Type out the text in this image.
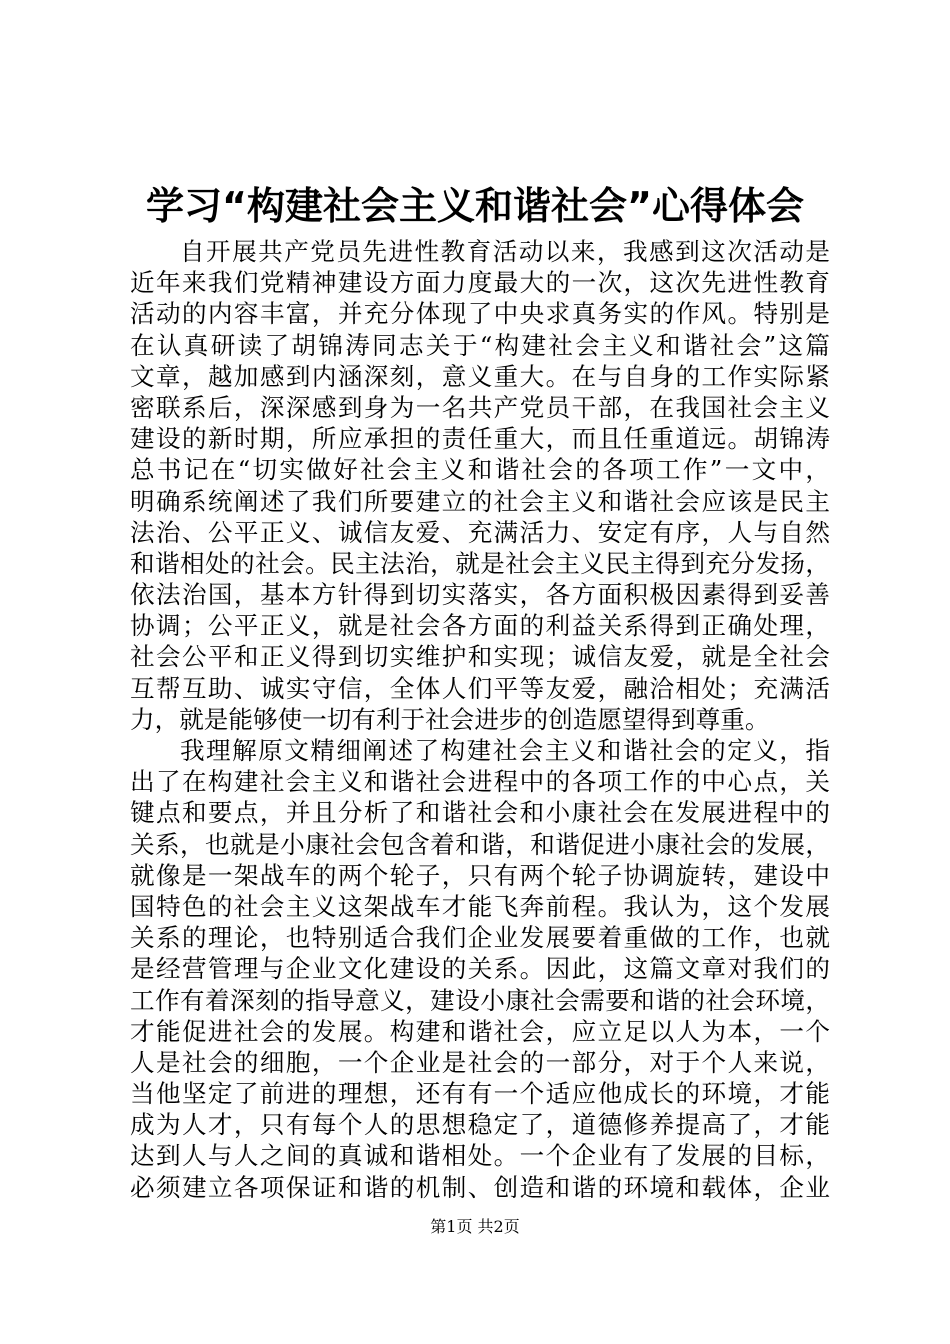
学习“构建社会主义和谐社会”心得体会
自开展共产党员先进性教育活动以来，我感到这次活动是
近年来我们党精神建设方面力度最大的一次，这次先进性教育
活动的内容丰富，并充分体现了中央求真务实的作风。特别是
在认真研读了胡锦涛同志关于“构建社会主义和谐社会”这篇
文章，越加感到内涵深刻，意义重大。在与自身的工作实际紧
密联系后，深深感到身为一名共产党员干部，在我国社会主义
建设的新时期，所应承担的责任重大，而且任重道远。胡锦涛
总书记在“切实做好社会主义和谐社会的各项工作”一文中，
明确系统阐述了我们所要建立的社会主义和谐社会应该是民主
法治、公平正义、诚信友爱、充满活力、安定有序，人与自然
和谐相处的社会。民主法治，就是社会主义民主得到充分发扬，
依法治国，基本方针得到切实落实，各方面积极因素得到妥善
协调；公平正义，就是社会各方面的利益关系得到正确处理，
社会公平和正义得到切实维护和实现；诚信友爱，就是全社会
互帮互助、诚实守信，全体人们平等友爱，融洽相处；充满活
力，就是能够使一切有利于社会进步的创造愿望得到尊重。
我理解原文精细阐述了构建社会主义和谐社会的定义，指
出了在构建社会主义和谐社会进程中的各项工作的中心点，关
键点和要点，并且分析了和谐社会和小康社会在发展进程中的
关系，也就是小康社会包含着和谐，和谐促进小康社会的发展，
就像是一架战车的两个轮子，只有两个轮子协调旋转，建设中
国特色的社会主义这架战车才能飞奔前程。我认为，这个发展
关系的理论，也特别适合我们企业发展要着重做的工作，也就
是经营管理与企业文化建设的关系。因此，这篇文章对我们的
工作有着深刻的指导意义，建设小康社会需要和谐的社会环境，
才能促进社会的发展。构建和谐社会，应立足以人为本，一个
人是社会的细胞，一个企业是社会的一部分，对于个人来说，
当他坚定了前进的理想，还有有一个适应他成长的环境，才能
成为人才，只有每个人的思想稳定了，道德修养提高了，才能
达到人与人之间的真诚和谐相处。一个企业有了发展的目标，
必须建立各项保证和谐的机制、创造和谐的环境和载体，企业
第1页 共2页
